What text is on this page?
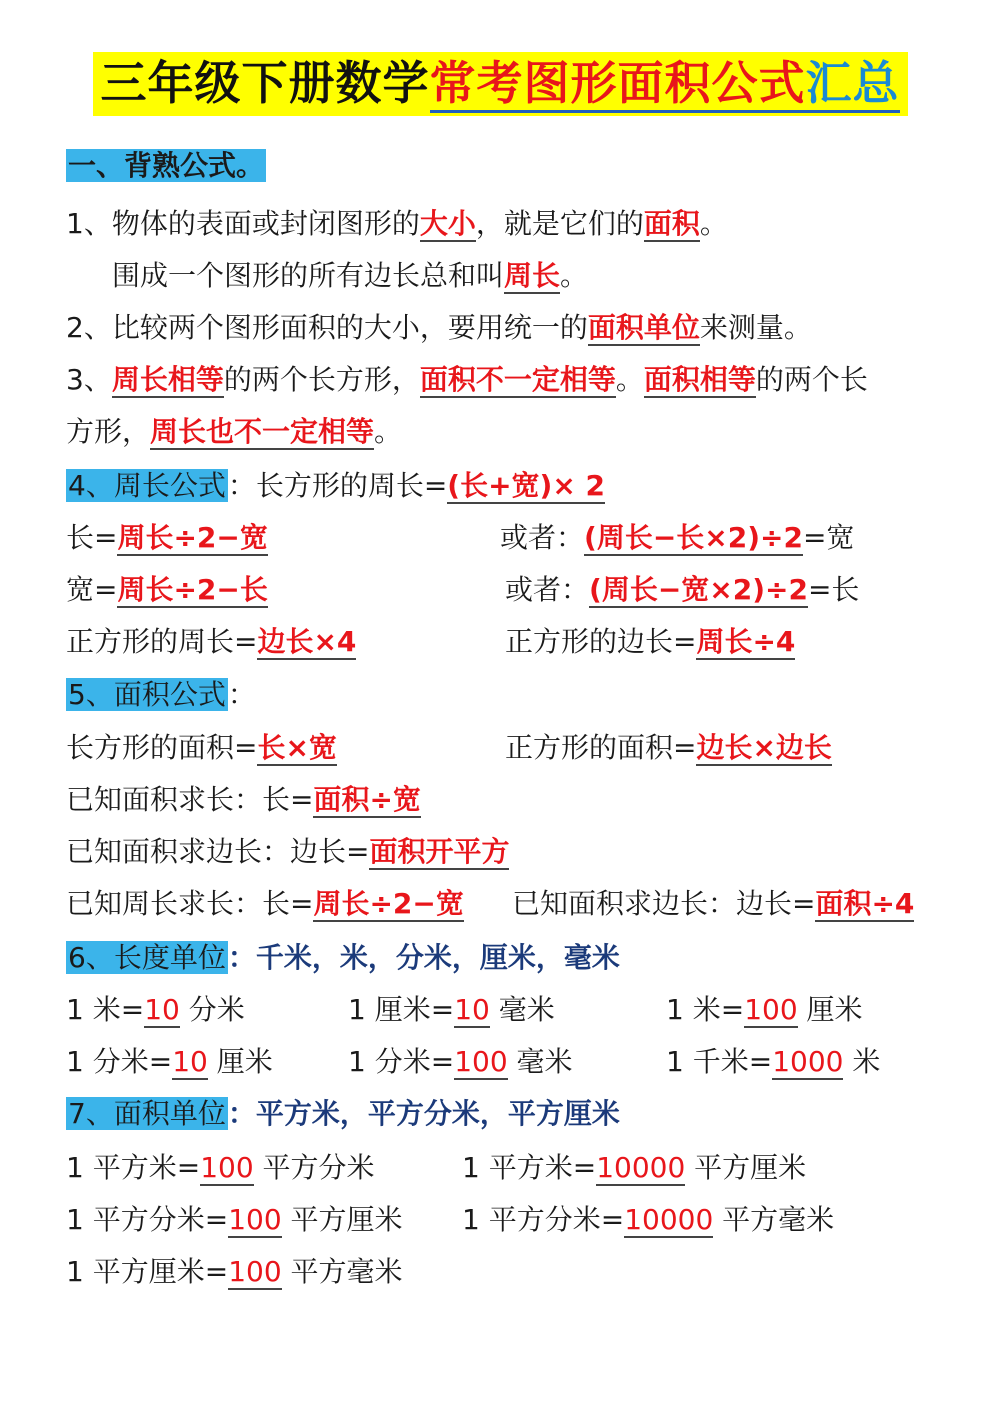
三年级下册数学常考图形面积公式汇总
一、背熟公式。
1、物体的表面或封闭图形的大小，就是它们的面积。
围成一个图形的所有边长总和叫周长。
2、比较两个图形面积的大小，要用统一的面积单位来测量。
3、周长相等的两个长方形，面积不一定相等。面积相等的两个长
方形，周长也不一定相等。
4、周长公式：长方形的周长=(长+宽)× 2
长=周长÷2−宽	或者：(周长−长×2)÷2=宽
宽=周长÷2−长	或者：(周长−宽×2)÷2=长
正方形的周长=边长×4	正方形的边长=周长÷4
5、面积公式：
长方形的面积=长×宽	正方形的面积=边长×边长
已知面积求长：长=面积÷宽
已知面积求边长：边长=面积开平方
已知周长求长：长=周长÷2−宽 已知面积求边长：边长=面积÷4
6、长度单位：千米，米，分米，厘米，毫米
1 米=10 分米	1 厘米=10 毫米	1 米=100 厘米
1 分米=10 厘米	1 分米=100 毫米	1 千米=1000 米
7、面积单位：平方米，平方分米，平方厘米
1 平方米=100 平方分米	1 平方米=10000 平方厘米
1 平方分米=100 平方厘米 1 平方分米=10000 平方毫米
1 平方厘米=100 平方毫米
